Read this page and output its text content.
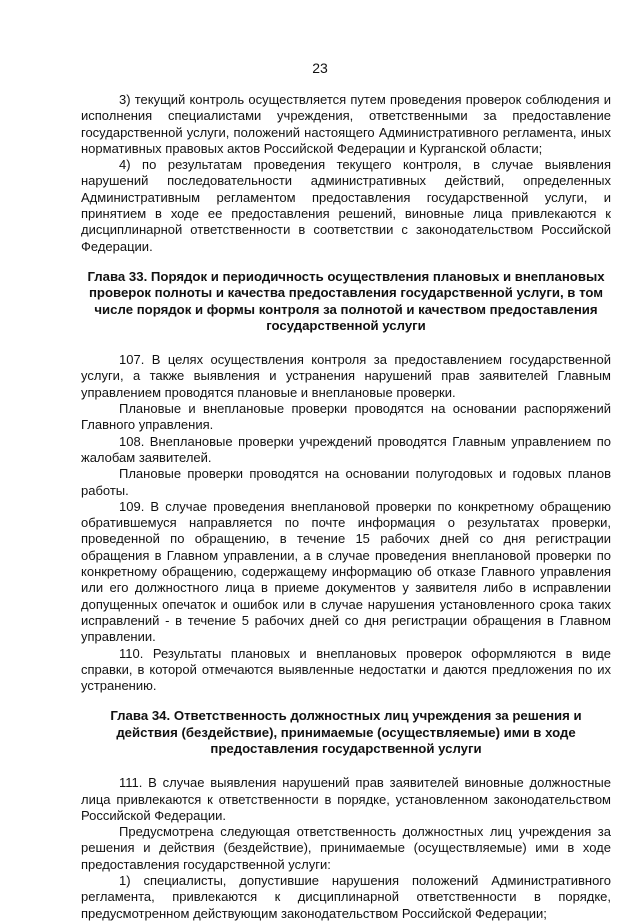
23

3) текущий контроль осуществляется путем проведения проверок соблюдения и исполнения специалистами учреждения, ответственными за предоставление государственной услуги, положений настоящего Административного регламента, иных нормативных правовых актов Российской Федерации и Курганской области;

4) по результатам проведения текущего контроля, в случае выявления нарушений последовательности административных действий, определенных Административным регламентом предоставления государственной услуги, и принятием в ходе ее предоставления решений, виновные лица привлекаются к дисциплинарной ответственности в соответствии с законодательством Российской Федерации.

Глава 33. Порядок и периодичность осуществления плановых и внеплановых проверок полноты и качества предоставления государственной услуги, в том числе порядок и формы контроля за полнотой и качеством предоставления государственной услуги

107. В целях осуществления контроля за предоставлением государственной услуги, а также выявления и устранения нарушений прав заявителей Главным управлением проводятся плановые и внеплановые проверки.

Плановые и внеплановые проверки проводятся на основании распоряжений Главного управления.

108. Внеплановые проверки учреждений проводятся Главным управлением по жалобам заявителей.

Плановые проверки проводятся на основании полугодовых и годовых планов работы.

109. В случае проведения внеплановой проверки по конкретному обращению обратившемуся направляется по почте информация о результатах проверки, проведенной по обращению, в течение 15 рабочих дней со дня регистрации обращения в Главном управлении, а в случае проведения внеплановой проверки по конкретному обращению, содержащему информацию об отказе Главного управления или его должностного лица в приеме документов у заявителя либо в исправлении допущенных опечаток и ошибок или в случае нарушения установленного срока таких исправлений - в течение 5 рабочих дней со дня регистрации обращения в Главном управлении.

110. Результаты плановых и внеплановых проверок оформляются в виде справки, в которой отмечаются выявленные недостатки и даются предложения по их устранению.

Глава 34. Ответственность должностных лиц учреждения за решения и действия (бездействие), принимаемые (осуществляемые) ими в ходе предоставления государственной услуги

111. В случае выявления нарушений прав заявителей виновные должностные лица привлекаются к ответственности в порядке, установленном законодательством Российской Федерации.

Предусмотрена следующая ответственность должностных лиц учреждения за решения и действия (бездействие), принимаемые (осуществляемые) ими в ходе предоставления государственной услуги:

1) специалисты, допустившие нарушения положений Административного регламента, привлекаются к дисциплинарной ответственности в порядке, предусмотренном действующим законодательством Российской Федерации;
